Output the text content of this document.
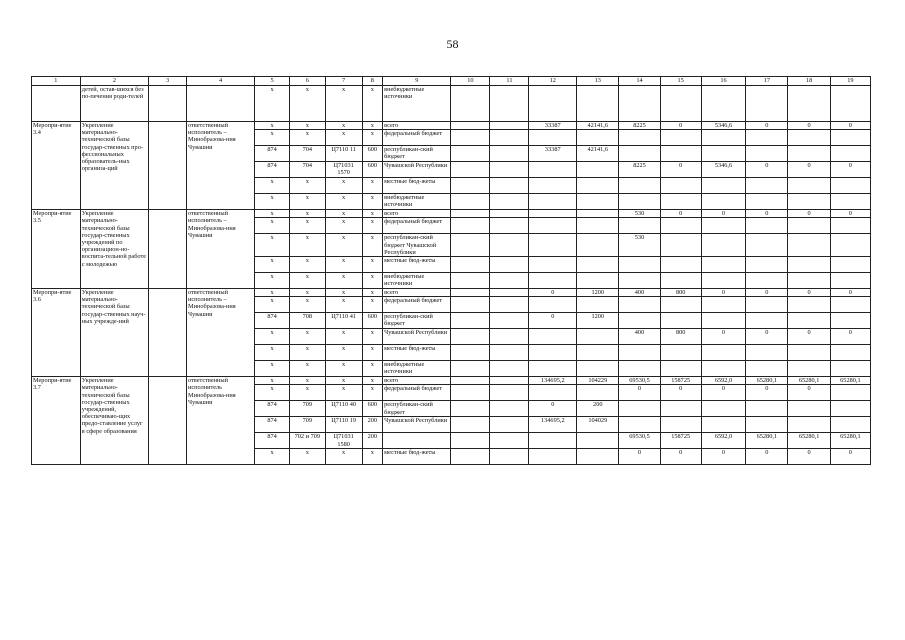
58
1	2	3	4	5	6	7	8	9	10	11	12	13	14	15	16	17	18	19
	детей, остав-шихся без по-печения роди-телей			x	x	x	x	внебюджетные источники										
Меропри-ятие 3.4	Укрепление материально-технической базы государ-ственных про-фессиональных образователь-ных организа-ций		ответственный исполнитель – Минобразова-ния Чувашии	x	x	x	x	всего			33387	42141,6	8225	0	5346,6	0	0	0
				x	x	x	x	федеральный бюджет										
				874	704	Ц7110 11	600	республикан-ский бюджет			33387	42141,6						
				874	704	Ц71031 1570	600	Чувашской Республики					8225	0	5346,6	0	0	0
				x	x	x	x	местные бюд-жеты										
				x	x	x	x	внебюджетные источники										
Меропри-ятие 3.5	Укрепление материально-технической базы государ-ственных учреждений по организацион-но-воспита-тельной работе с молодежью		ответственный исполнитель – Минобразова-ния Чувашии	x	x	x	x	всего					530	0	0	0	0	0
				x	x	x	x	федеральный бюджет										
				x	x	x	x	республикан-ский бюджет Чувашской Республики					530					
				x	x	x	x	местные бюд-жеты										
				x	x	x	x	внебюджетные источники										
Меропри-ятие 3.6	Укрепление материально-технической базы государ-ственных науч-ных учрежде-ний		ответственный исполнитель – Минобразова-ния Чувашии	x	x	x	x	всего			0	1200	400	800	0	0	0	0
				x	x	x	x	федеральный бюджет										
				874	708	Ц7110 41	600	республикан-ский бюджет			0	1200						
				x	x	x	x	Чувашской Республики					400	800	0	0	0	0
				x	x	x	x	местные бюд-жеты										
				x	x	x	x	внебюджетные источники										
Меропри-ятие 3.7	Укрепление материально-технической базы государ-ственных учреждений, обеспечиваю-щих предо-ставление услуг в сфере образования		ответственный исполнитель Минобразова-ния Чувашии	x	x	x	x	всего			134695,2	104229	69530,5	158725	6592,0	65280,1	65280,1	65280,1
				x	x	x	x	федеральный бюджет					0	0	0	0	0	
				874	709	Ц7110 40	600	республикан-ский бюджет			0	200						
				874	709	Ц7110 19	200	Чувашской Республики			134695,2	104029						
				874	702 и 709	Ц71031 1580	200						69530,5	158725	6592,0	65280,1	65280,1	65280,1
				x	x	x	x	местные бюд-жеты					0	0	0	0	0	0
